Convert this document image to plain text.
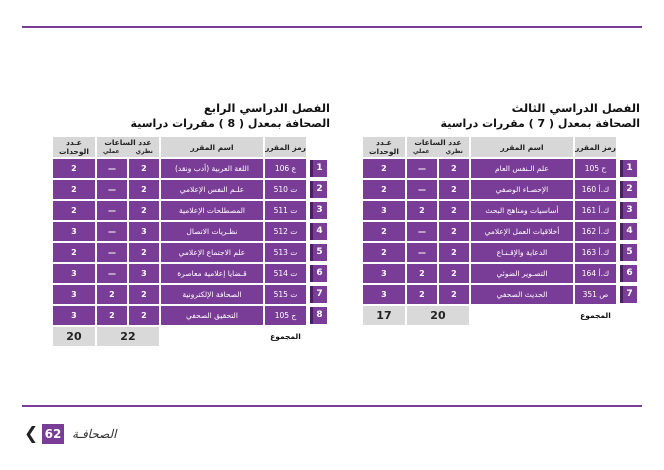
الفصل الدراسي الثالث
الصحافة بمعدل ( 7 ) مقررات دراسية
	رمز المقرر	اسم المقرر	عدد الساعات
نظري
عملي		عـدد الوحدات
1	ح 105	علم الـنفس العام	2	—	2
2	ك.أ 160	الإحصـاء الوصفي	2	—	2
3	ك.أ 161	أساسيات ومناهج البحث	2	2	3
4	ك.أ 162	أخلاقيات العمل الإعلامي	2	—	2
5	ك.أ 163	الدعاية والإقـنـاع	2	—	2
6	ك.أ 164	التصـوير الضوئي	2	2	3
7	ص 351	الحديث الصحفي	2	2	3
	المجموع		20		17
الفصل الدراسي الرابع
الصحافة بمعدل ( 8 ) مقررات دراسية
	رمز المقرر	اسم المقرر	عدد الساعات
نظري
عملي		عـدد الوحدات
1	ع 106	اللغة العربية (أدب ونقد)	2	—	2
2	ت 510	علـم النفس الإعلامي	2	—	2
3	ت 511	المصطلحات الإعلامية	2	—	2
4	ت 512	نظـريات الاتصال	3	—	3
5	ت 513	علم الاجتماع الإعلامي	2	—	2
6	ت 514	قـضايا إعلامية معاصرة	3	—	3
7	ت 515	الصحافة الإلكترونية	2	2	3
8	ج 105	التحقيق الصحفي	2	2	3
	المجموع		22		20
❮ 62 الصحافـة
